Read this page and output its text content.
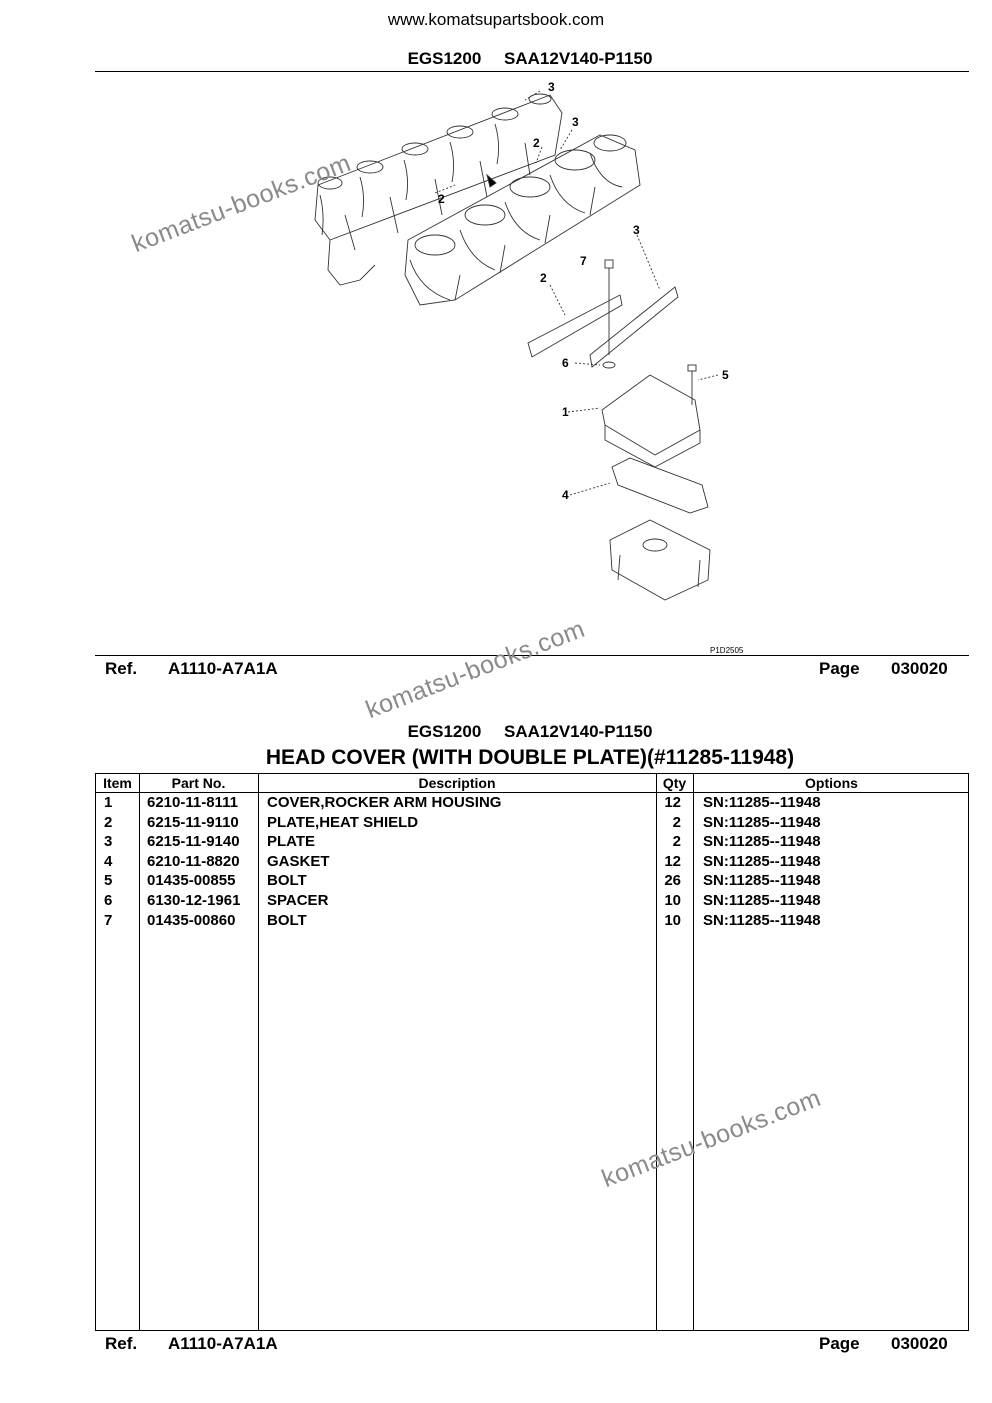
www.komatsupartsbook.com
EGS1200 SAA12V140-P1150
3
3
2
2
3
7
2
6
5
1
4
P1D2505
Ref. A1110-A7A1A	Page 030020
EGS1200 SAA12V140-P1150
HEAD COVER (WITH DOUBLE PLATE)(#11285-11948)
Item	Part No.	Description	Qty	Options
1 6210-11-8111 COVER,ROCKER ARM HOUSING	12 SN:11285--11948
2 6215-11-9110 PLATE,HEAT SHIELD	2 SN:11285--11948
3 6215-11-9140 PLATE	2 SN:11285--11948
4 6210-11-8820 GASKET	12 SN:11285--11948
5 01435-00855 BOLT	26 SN:11285--11948
6 6130-12-1961 SPACER	10 SN:11285--11948
7 01435-00860 BOLT	10 SN:11285--11948
Ref. A1110-A7A1A	Page 030020
komatsu-books.com
komatsu-books.com
komatsu-books.com
